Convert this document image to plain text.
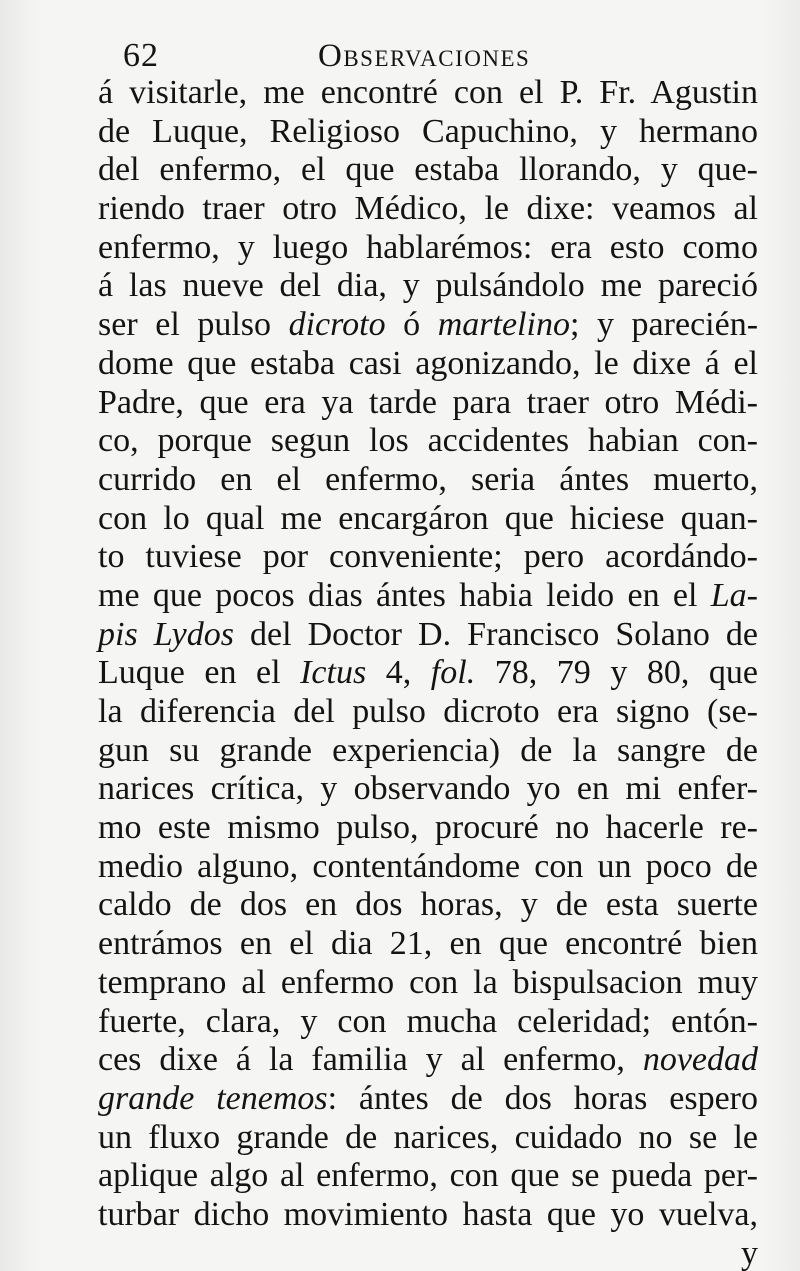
62	Observaciones
á visitarle, me encontré con el P. Fr. Agustin
de Luque, Religioso Capuchino, y hermano
del enfermo, el que estaba llorando, y que-
riendo traer otro Médico, le dixe: veamos al
enfermo, y luego hablarémos: era esto como
á las nueve del dia, y pulsándolo me pareció
ser el pulso dicroto ó martelino; y parecién-
dome que estaba casi agonizando, le dixe á el
Padre, que era ya tarde para traer otro Médi-
co, porque segun los accidentes habian con-
currido en el enfermo, seria ántes muerto,
con lo qual me encargáron que hiciese quan-
to tuviese por conveniente; pero acordándo-
me que pocos dias ántes habia leido en el La-
pis Lydos del Doctor D. Francisco Solano de
Luque en el Ictus 4, fol. 78, 79 y 80, que
la diferencia del pulso dicroto era signo (se-
gun su grande experiencia) de la sangre de
narices crítica, y observando yo en mi enfer-
mo este mismo pulso, procuré no hacerle re-
medio alguno, contentándome con un poco de
caldo de dos en dos horas, y de esta suerte
entrámos en el dia 21, en que encontré bien
temprano al enfermo con la bispulsacion muy
fuerte, clara, y con mucha celeridad; entón-
ces dixe á la familia y al enfermo, novedad
grande tenemos: ántes de dos horas espero
un fluxo grande de narices, cuidado no se le
aplique algo al enfermo, con que se pueda per-
turbar dicho movimiento hasta que yo vuelva,
y
